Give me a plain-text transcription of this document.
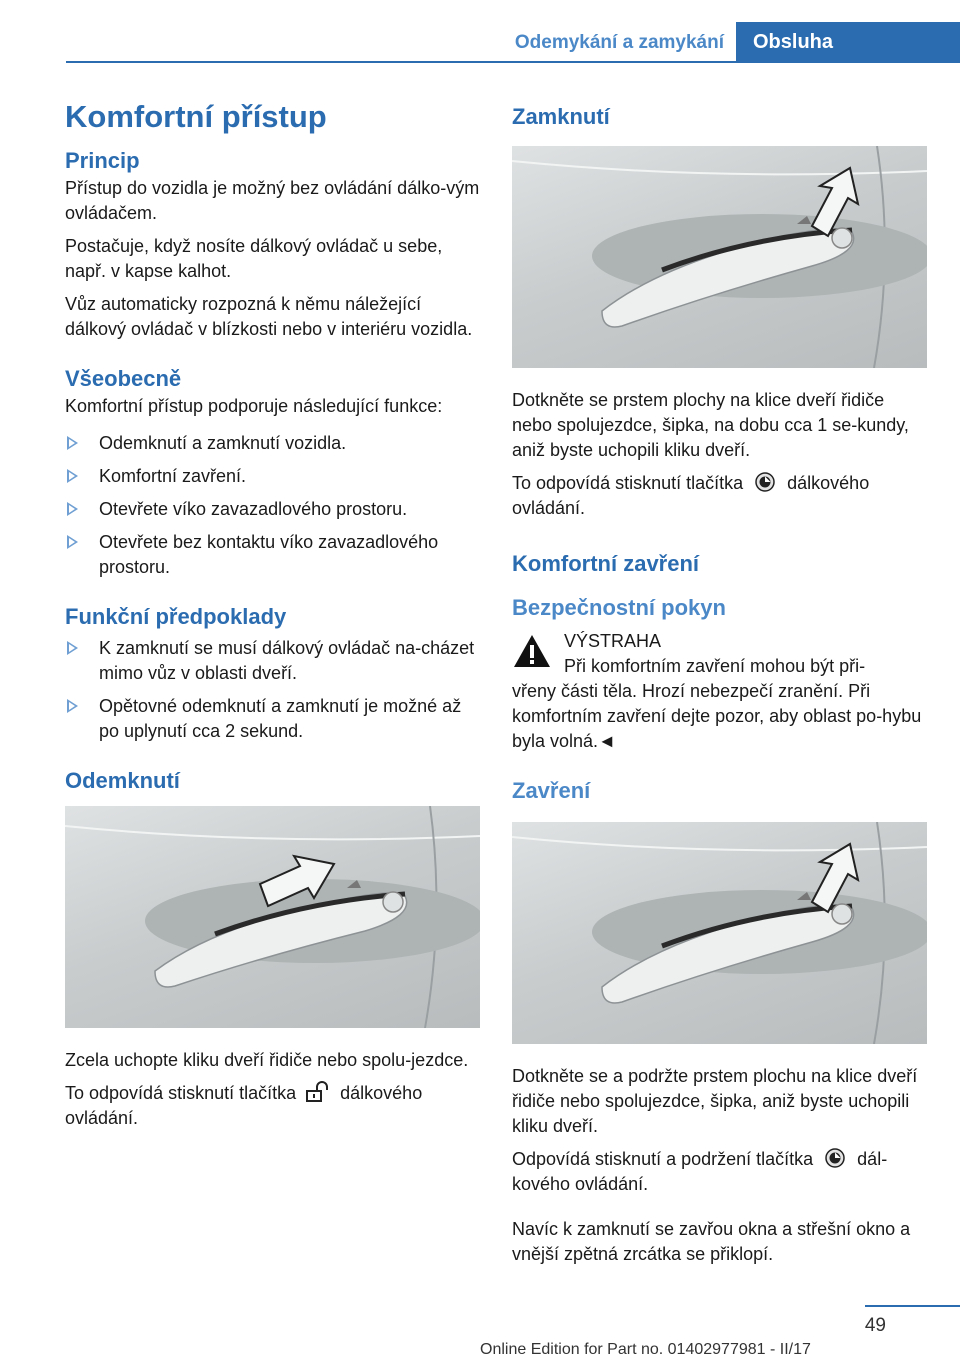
Odemykání a zamykání	Obsluha
Komfortní přístup
Princip

Přístup do vozidla je možný bez ovládání dálko-vým ovládačem.

Postačuje, když nosíte dálkový ovládač u sebe, např. v kapse kalhot.

Vůz automaticky rozpozná k němu náležející dálkový ovládač v blízkosti nebo v interiéru vozidla.

Všeobecně

Komfortní přístup podporuje následující funkce:

Odemknutí a zamknutí vozidla.
Komfortní zavření.
Otevřete víko zavazadlového prostoru.
Otevřete bez kontaktu víko zavazadlového prostoru.
Funkční předpoklady
K zamknutí se musí dálkový ovládač na-cházet mimo vůz v oblasti dveří.
Opětovné odemknutí a zamknutí je možné až po uplynutí cca 2 sekund.
Odemknutí

Zcela uchopte kliku dveří řidiče nebo spolu-jezdce.

To odpovídá stisknutí tlačítka dálkového ovládání.

Zamknutí

Dotkněte se prstem plochy na klice dveří řidiče nebo spolujezdce, šipka, na dobu cca 1 se-kundy, aniž byste uchopili kliku dveří.

To odpovídá stisknutí tlačítka dálkového ovládání.

Komfortní zavření
Bezpečnostní pokyn

VÝSTRAHA

Při komfortním zavření mohou být při-

vřeny části těla. Hrozí nebezpečí zranění. Při komfortním zavření dejte pozor, aby oblast po-hybu byla volná.◄

Zavření

Dotkněte se a podržte prstem plochu na klice dveří řidiče nebo spolujezdce, šipka, aniž byste uchopili kliku dveří.

Odpovídá stisknutí a podržení tlačítka dál-kového ovládání.

Navíc k zamknutí se zavřou okna a střešní okno a vnější zpětná zrcátka se přiklopí.

49
Online Edition for Part no. 01402977981 - II/17
